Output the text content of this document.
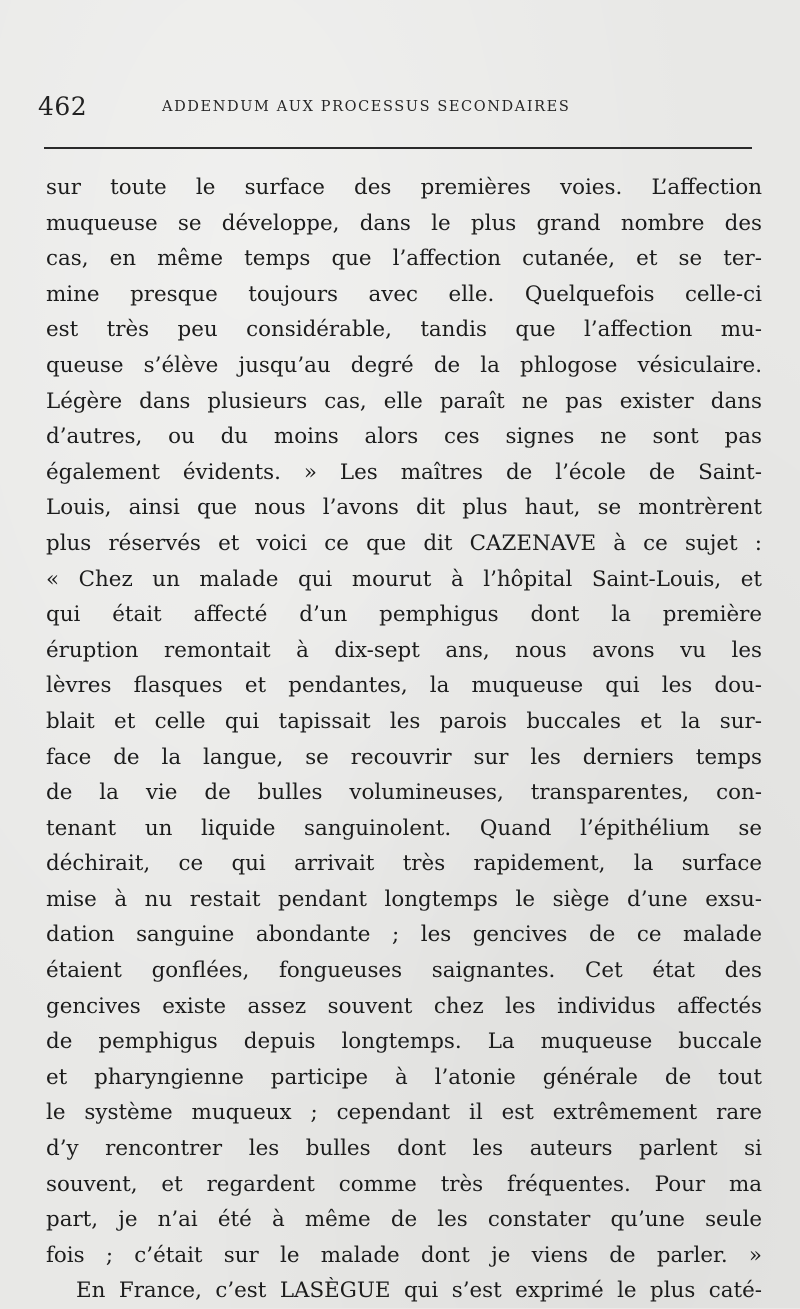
462	ADDENDUM AUX PROCESSUS SECONDAIRES
sur toute le surface des premières voies. L’affection
muqueuse se développe, dans le plus grand nombre des
cas, en même temps que l’affection cutanée, et se ter-
mine presque toujours avec elle. Quelquefois celle-ci
est très peu considérable, tandis que l’affection mu-
queuse s’élève jusqu’au degré de la phlogose vésiculaire.
Légère dans plusieurs cas, elle paraît ne pas exister dans
d’autres, ou du moins alors ces signes ne sont pas
également évidents. » Les maîtres de l’école de Saint-
Louis, ainsi que nous l’avons dit plus haut, se montrèrent
plus réservés et voici ce que dit CAZENAVE à ce sujet :
« Chez un malade qui mourut à l’hôpital Saint-Louis, et
qui était affecté d’un pemphigus dont la première
éruption remontait à dix-sept ans, nous avons vu les
lèvres flasques et pendantes, la muqueuse qui les dou-
blait et celle qui tapissait les parois buccales et la sur-
face de la langue, se recouvrir sur les derniers temps
de la vie de bulles volumineuses, transparentes, con-
tenant un liquide sanguinolent. Quand l’épithélium se
déchirait, ce qui arrivait très rapidement, la surface
mise à nu restait pendant longtemps le siège d’une exsu-
dation sanguine abondante ; les gencives de ce malade
étaient gonflées, fongueuses saignantes. Cet état des
gencives existe assez souvent chez les individus affectés
de pemphigus depuis longtemps. La muqueuse buccale
et pharyngienne participe à l’atonie générale de tout
le système muqueux ; cependant il est extrêmement rare
d’y rencontrer les bulles dont les auteurs parlent si
souvent, et regardent comme très fréquentes. Pour ma
part, je n’ai été à même de les constater qu’une seule
fois ; c’était sur le malade dont je viens de parler. »
En France, c’est LASÈGUE qui s’est exprimé le plus caté-
